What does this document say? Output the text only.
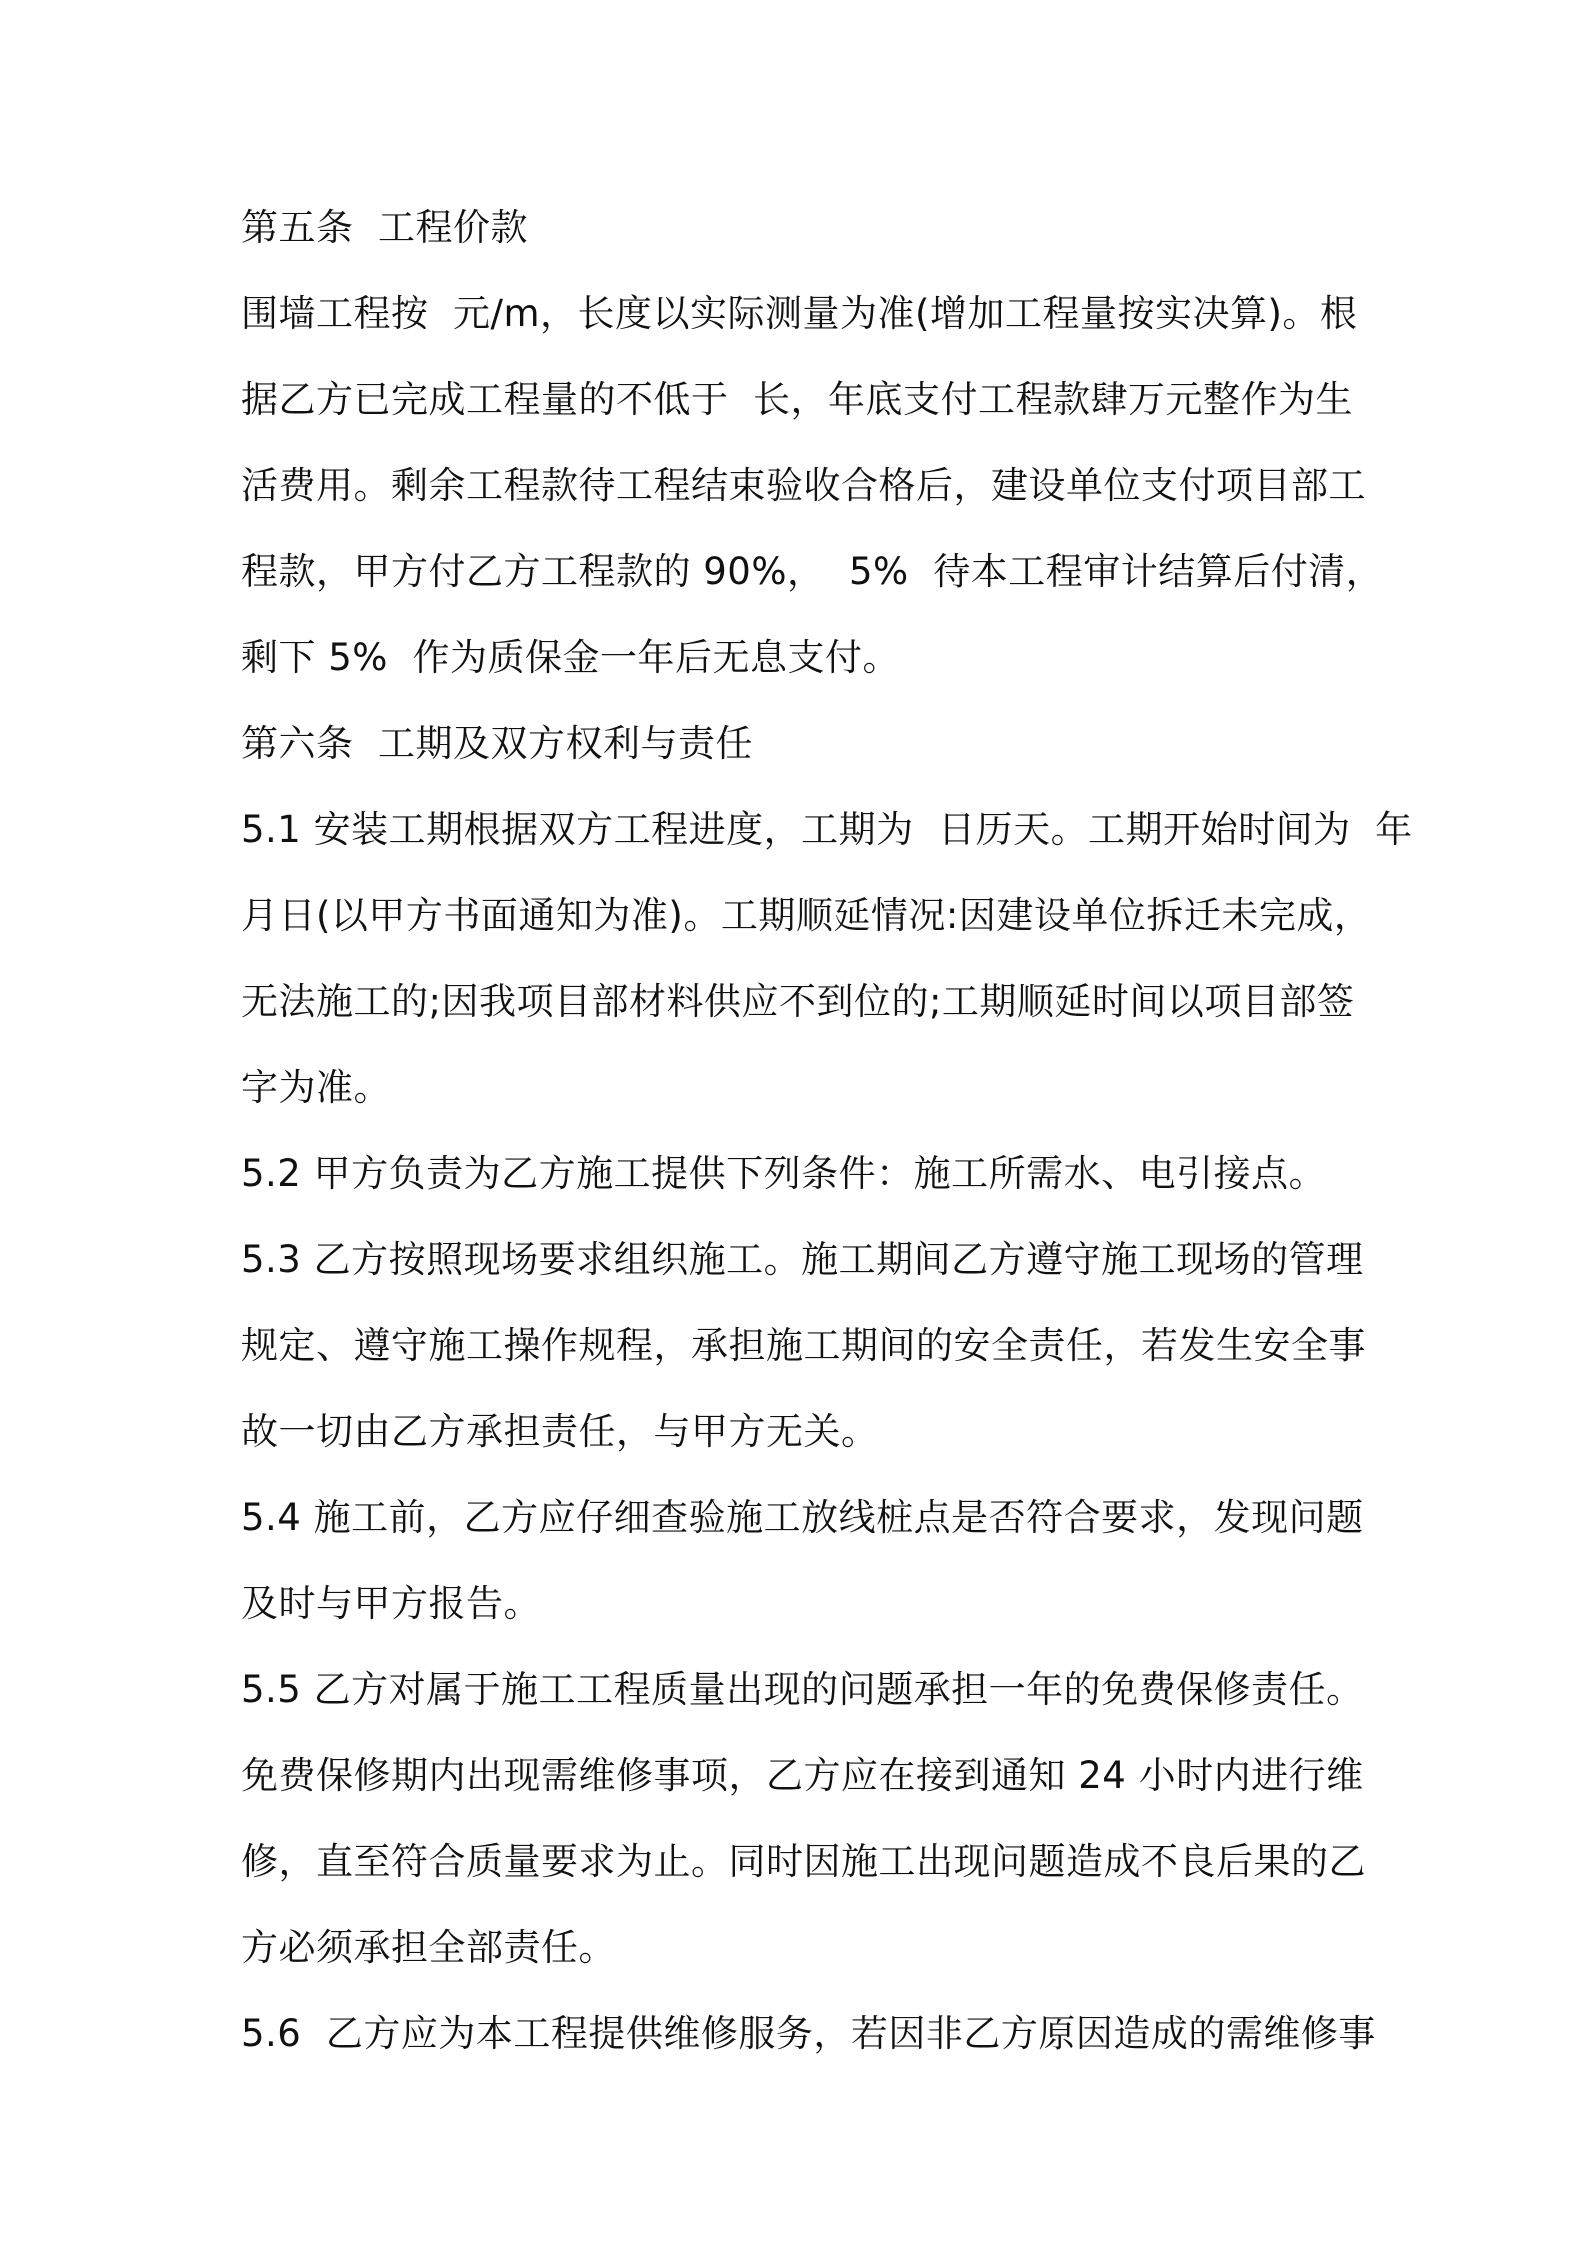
第五条  工程价款
围墙工程按  元/m，长度以实际测量为准(增加工程量按实决算)。根
据乙方已完成工程量的不低于  长，年底支付工程款肆万元整作为生
活费用。剩余工程款待工程结束验收合格后，建设单位支付项目部工
程款，甲方付乙方工程款的 90%，  5%  待本工程审计结算后付清，
剩下 5%  作为质保金一年后无息支付。
第六条  工期及双方权利与责任
5.1 安装工期根据双方工程进度，工期为  日历天。工期开始时间为  年
月日(以甲方书面通知为准)。工期顺延情况:因建设单位拆迁未完成，
无法施工的;因我项目部材料供应不到位的;工期顺延时间以项目部签
字为准。
5.2 甲方负责为乙方施工提供下列条件：施工所需水、电引接点。
5.3 乙方按照现场要求组织施工。施工期间乙方遵守施工现场的管理
规定、遵守施工操作规程，承担施工期间的安全责任，若发生安全事
故一切由乙方承担责任，与甲方无关。
5.4 施工前，乙方应仔细查验施工放线桩点是否符合要求，发现问题
及时与甲方报告。
5.5 乙方对属于施工工程质量出现的问题承担一年的免费保修责任。
免费保修期内出现需维修事项，乙方应在接到通知 24 小时内进行维
修，直至符合质量要求为止。同时因施工出现问题造成不良后果的乙
方必须承担全部责任。
5.6  乙方应为本工程提供维修服务，若因非乙方原因造成的需维修事
